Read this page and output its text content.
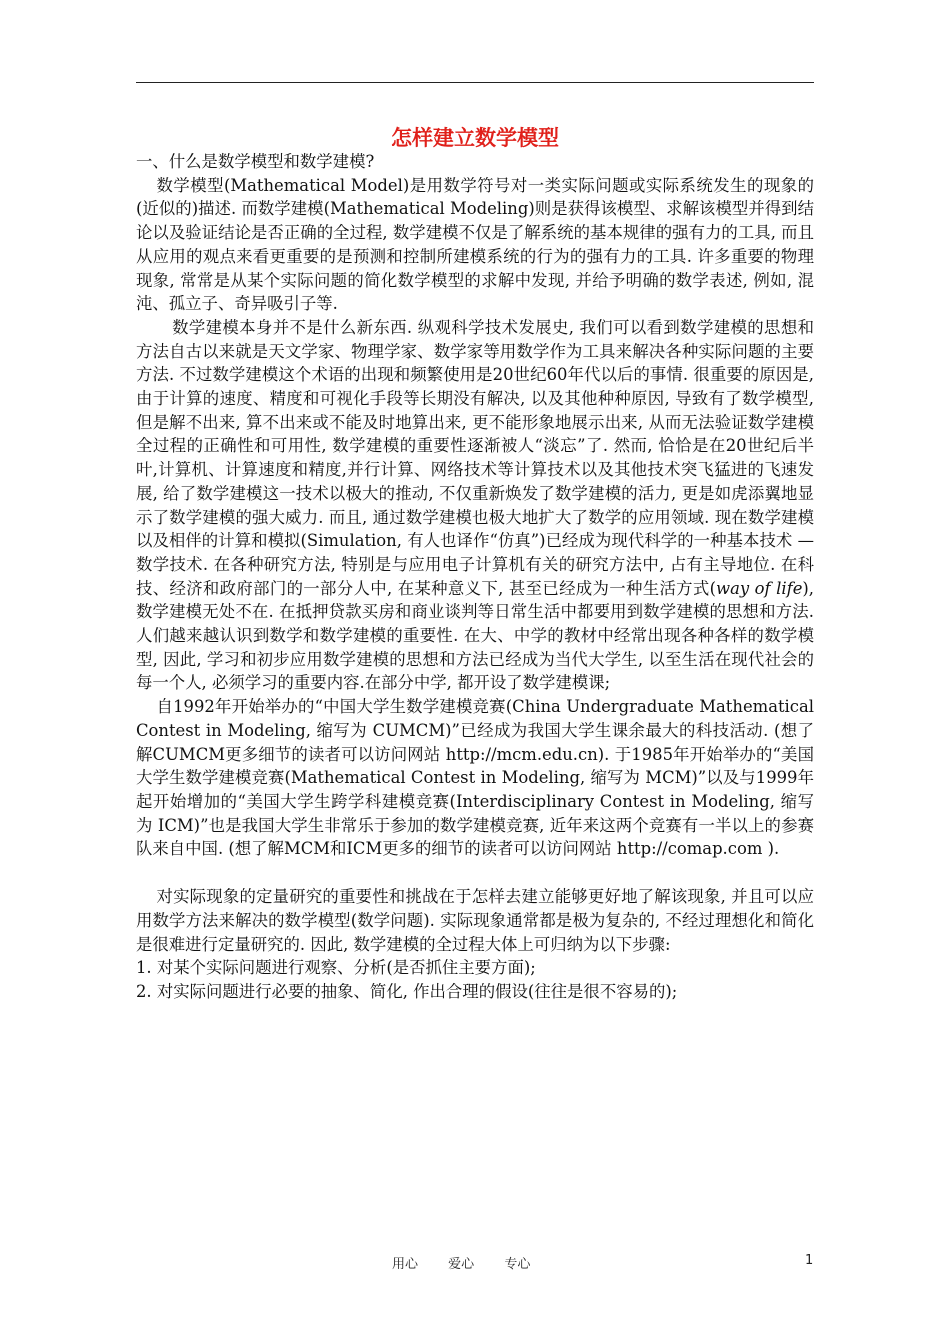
怎样建立数学模型

一、什么是数学模型和数学建模?

数学模型(Mathematical Model)是用数学符号对一类实际问题或实际系统发生的现象的(近似的)描述. 而数学建模(Mathematical Modeling)则是获得该模型、求解该模型并得到结论以及验证结论是否正确的全过程, 数学建模不仅是了解系统的基本规律的强有力的工具, 而且从应用的观点来看更重要的是预测和控制所建模系统的行为的强有力的工具. 许多重要的物理现象, 常常是从某个实际问题的简化数学模型的求解中发现, 并给予明确的数学表述, 例如, 混沌、孤立子、奇异吸引子等.

数学建模本身并不是什么新东西. 纵观科学技术发展史, 我们可以看到数学建模的思想和方法自古以来就是天文学家、物理学家、数学家等用数学作为工具来解决各种实际问题的主要方法. 不过数学建模这个术语的出现和频繁使用是20世纪60年代以后的事情. 很重要的原因是, 由于计算的速度、精度和可视化手段等长期没有解决, 以及其他种种原因, 导致有了数学模型, 但是解不出来, 算不出来或不能及时地算出来, 更不能形象地展示出来, 从而无法验证数学建模全过程的正确性和可用性, 数学建模的重要性逐渐被人“淡忘”了. 然而, 恰恰是在20世纪后半叶,计算机、计算速度和精度,并行计算、网络技术等计算技术以及其他技术突飞猛进的飞速发展, 给了数学建模这一技术以极大的推动, 不仅重新焕发了数学建模的活力, 更是如虎添翼地显示了数学建模的强大威力. 而且, 通过数学建模也极大地扩大了数学的应用领域. 现在数学建模以及相伴的计算和模拟(Simulation, 有人也译作“仿真”)已经成为现代科学的一种基本技术 — 数学技术. 在各种研究方法, 特别是与应用电子计算机有关的研究方法中, 占有主导地位. 在科技、经济和政府部门的一部分人中, 在某种意义下, 甚至已经成为一种生活方式(way of life), 数学建模无处不在. 在抵押贷款买房和商业谈判等日常生活中都要用到数学建模的思想和方法. 人们越来越认识到数学和数学建模的重要性. 在大、中学的教材中经常出现各种各样的数学模型, 因此, 学习和初步应用数学建模的思想和方法已经成为当代大学生, 以至生活在现代社会的每一个人, 必须学习的重要内容.在部分中学, 都开设了数学建模课;

自1992年开始举办的“中国大学生数学建模竞赛(China Undergraduate Mathematical Contest in Modeling, 缩写为 CUMCM)”已经成为我国大学生课余最大的科技活动. (想了解CUMCM更多细节的读者可以访问网站 http://mcm.edu.cn). 于1985年开始举办的“美国大学生数学建模竞赛(Mathematical Contest in Modeling, 缩写为 MCM)”以及与1999年起开始增加的“美国大学生跨学科建模竞赛(Interdisciplinary Contest in Modeling, 缩写为 ICM)”也是我国大学生非常乐于参加的数学建模竞赛, 近年来这两个竞赛有一半以上的参赛队来自中国. (想了解MCM和ICM更多的细节的读者可以访问网站 http://comap.com ).

对实际现象的定量研究的重要性和挑战在于怎样去建立能够更好地了解该现象, 并且可以应用数学方法来解决的数学模型(数学问题). 实际现象通常都是极为复杂的, 不经过理想化和简化是很难进行定量研究的. 因此, 数学建模的全过程大体上可归纳为以下步骤:

1. 对某个实际问题进行观察、分析(是否抓住主要方面);

2. 对实际问题进行必要的抽象、简化, 作出合理的假设(往往是很不容易的);

用心 爱心 专心	1
